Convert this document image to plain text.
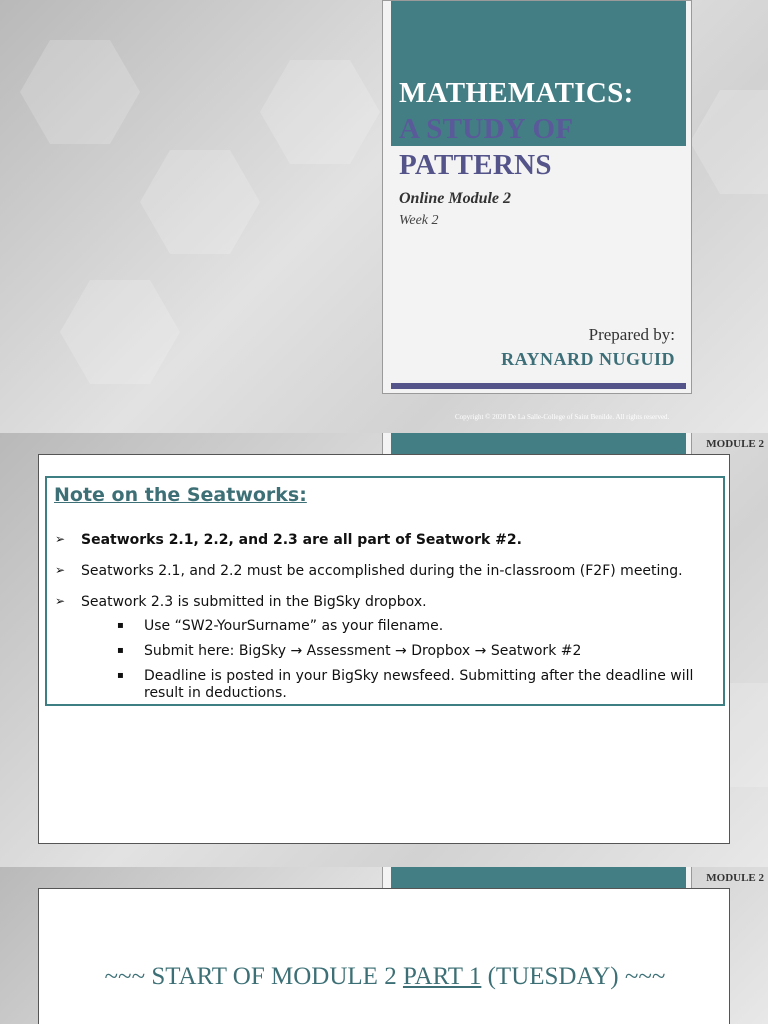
MATHEMATICS:
A STUDY OF
PATTERNS
Online Module 2
Week 2
Prepared by:
RAYNARD NUGUID
Copyright © 2020 De La Salle-College of Saint Benilde. All rights reserved.
MODULE 2
Note on the Seatworks:
➢ Seatworks 2.1, 2.2, and 2.3 are all part of Seatwork #2.
➢ Seatworks 2.1, and 2.2 must be accomplished during the in-classroom (F2F) meeting.
➢ Seatwork 2.3 is submitted in the BigSky dropbox.
▪ Use “SW2-YourSurname” as your filename.
▪ Submit here: BigSky → Assessment → Dropbox → Seatwork #2
▪ Deadline is posted in your BigSky newsfeed. Submitting after the deadline will result in deductions.
MODULE 2
~~~ START OF MODULE 2 PART 1 (TUESDAY) ~~~
